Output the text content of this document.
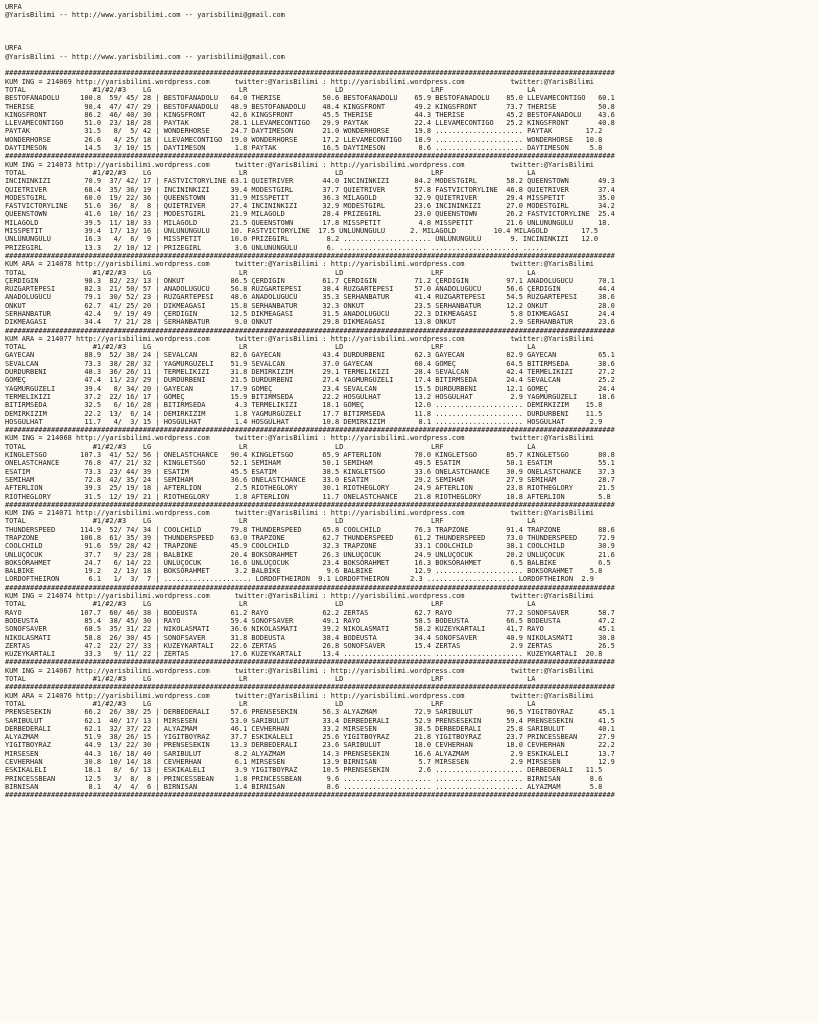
URFA
@YarisBilimi -- http://www.yarisbilimi.com -- yarisbilimi@gmail.com

URFA
@YarisBilimi -- http://www.yarisbilimi.com -- yarisbilimi@gmail.com

##################################################################################################################################################
KUM ING = 214069 http://yarisbilimi.wordpress.com      twitter:@YarisBilimi : http://yarisbilimi.wordpress.com           twitter:@YarisBilimi
TOTAL                #1/#2/#3    LG                     LR                     LD                     LRF                    LA
BESTOFANADOLU     100.8  59/ 45/ 28 | BESTOFANADOLU   64.0 THERISE          50.6 BESTOFANADOLU    65.9 BESTOFANADOLU    85.0 LLEVAMECONTIGO   60.1
THERISE            90.4  47/ 47/ 29 | BESTOFANADOLU   48.9 BESTOFANADOLU    48.4 KINGSFRONT       49.2 KINGSFRONT       73.7 THERISE          50.8
KINGSFRONT         86.2  46/ 40/ 30 | KINGSFRONT      42.6 KINGSFRONT       45.5 THERISE          44.3 THERISE          45.2 BESTOFANADOLU    43.6
LLEVAMECONTIGO     51.0  23/ 18/ 28 | PAYTAK          28.1 LLEVAMECONTIGO   29.9 PAYTAK           22.4 LLEVAMECONTIGO   25.2 KINGSFRONT       40.8
PAYTAK             31.5   8/  5/ 42 | WONDERHORSE     24.7 DAYTIMESON       21.0 WONDERHORSE      19.8 ..................... PAYTAK        17.2
WONDERHORSE        26.6   4/ 25/ 18 | LLEVAMECONTIGO  19.0 WONDERHORSE      17.2 LLEVAMECONTIGO   18.9 ..................... WONDERHORSE   10.8
DAYTIMESON         14.5   3/ 10/ 15 | DAYTIMESON       1.8 PAYTAK           16.5 DAYTIMESON        8.6 ..................... DAYTIMESON     5.8
##################################################################################################################################################
KUM ING = 214073 http://yarisbilimi.wordpress.com      twitter:@YarisBilimi : http://yarisbilimi.wordpress.com           twitter:@YarisBilimi
TOTAL                #1/#2/#3    LG                     LR                     LD                     LRF                    LA
INCININKIZI        70.9  37/ 42/ 17 | FASTVICTORYLINE 63.1 QUIETRIVER       44.0 INCININKIZI      84.2 MODESTGIRL       58.2 QUEENSTOWN       49.3
QUIETRIVER         68.4  35/ 36/ 19 | INCININKIZI     39.4 MODESTGIRL       37.7 QUIETRIVER       57.8 FASTVICTORYLINE  46.8 QUIETRIVER       37.4
MODESTGIRL         60.0  19/ 22/ 36 | QUEENSTOWN      31.9 MISSPETIT        36.3 MILAGOLD         32.9 QUIETRIVER       29.4 MISSPETIT        35.0
FASTVICTORYLINE    51.6  36/  8/  8 | QUIETRIVER      27.4 INCININKIZI      32.9 MODESTGIRL       23.6 INCININKIZI      27.0 MODESTGIRL       34.2
QUEENSTOWN         41.6  10/ 16/ 23 | MODESTGIRL      21.9 MILAGOLD         28.4 PRIZEGIRL        23.0 QUEENSTOWN       26.2 FASTVICTORYLINE  25.4
MILAGOLD           39.5  11/ 18/ 33 | MILAGOLD        21.5 QUEENSTOWN       17.8 MISSPETIT         4.8 MISSPETIT        21.6 ÜNLÜNÜNGÜLÜ      18.
MISSPETIT          39.4  17/ 13/ 16 | ÜNLÜNÜNGÜLÜ     10. FASTVICTORYLINE  17.5 ÜNLÜNÜNGÜLÜ      2. MILAGOLD         10.4 MILAGOLD        17.5
ÜNLÜNÜNGÜLÜ        16.3   4/  6/  9 | MISSPETIT       10.0 PRIZEGIRL         8.2 ..................... ÜNLÜNÜNGÜLÜ       9. INCININKIZI   12.0
PRIZEGIRL          13.3   2/ 10/ 12 | PRIZEGIRL        3.6 ÜNLÜNÜNGÜLÜ       6. ..................... ..................... ......
##################################################################################################################################################
KUM ARA = 214078 http://yarisbilimi.wordpress.com      twitter:@YarisBilimi : http://yarisbilimi.wordpress.com           twitter:@YarisBilimi
TOTAL                #1/#2/#3    LG                     LR                     LD                     LRF                    LA
ÇERDIGIN           98.3  82/ 23/ 13 | ONKUT           86.5 ÇERDIGIN         61.7 ÇERDIGIN         71.2 ÇERDIGIN         97.1 ANADOLUGÜCÜ      70.1
RÜZGARTEPESI       82.3  21/ 50/ 57 | ANADOLUGÜCÜ     56.8 RÜZGARTEPESI     38.4 RÜZGARTEPESI     57.0 ANADOLUGÜCÜ      56.6 ÇERDIGIN         44.4
ANADOLUGÜCÜ        79.1  30/ 52/ 23 | RÜZGARTEPESI    48.6 ANADOLUGÜCÜ      35.3 SERHANBATUR      41.4 RÜZGARTEPESI     54.5 RÜZGARTEPESI     38.6
ONKUT              62.7  41/ 25/ 20 | DIKMEAGASI      15.8 SERHANBATUR      32.3 ONKUT            23.5 SERHANBATUR      12.2 ONKUT            28.0
SERHANBATUR        42.4   9/ 19/ 49 | ÇERDIGIN        12.5 DIKMEAGASI       31.5 ANADOLUGÜCÜ      22.3 DIKMEAGASI        5.8 DIKMEAGASI       24.4
DIKMEAGASI         34.4   7/ 21/ 28 | SERHANBATUR      9.0 ONKUT            29.8 DIKMEAGASI       13.8 ONKUT             2.9 SERHANBATUR      23.6
##################################################################################################################################################
KUM ARA = 214077 http://yarisbilimi.wordpress.com      twitter:@YarisBilimi : http://yarisbilimi.wordpress.com           twitter:@YarisBilimi
TOTAL                #1/#2/#3    LG                     LR                     LD                     LRF                    LA
GAYECAN            88.9  52/ 38/ 24 | SEVALCAN        82.6 GAYECAN          43.4 DURDURBENI       62.3 GAYECAN          82.9 GAYECAN          65.1
SEVALCAN           73.3  38/ 28/ 32 | YAGMURGÜZELI    51.9 SEVALCAN         37.0 GAYECAN          60.4 GÖMEÇ            64.5 BITIRMSEDA       38.6
DURDURBENI         48.3  36/ 26/ 11 | TERMELIKIZI     31.8 DEMIRKIZIM       29.1 TERMELIKIZI      28.4 SEVALCAN         42.4 TERMELIKIZI      27.2
GÖMEÇ              47.4  11/ 23/ 29 | DURDURBENI      21.5 DURDURBENI       27.4 YAGMURGÜZELI     17.4 BITIRMSEDA       24.4 SEVALCAN         25.2
YAGMURGÜZELI       39.4   8/ 34/ 20 | GAYECAN         17.9 GÖMEÇ            23.4 SEVALCAN         15.5 DURDURBENI       12.1 GÖMEÇ            24.4
TERMELIKIZI        37.2  22/ 16/ 17 | GÖMEÇ           15.9 BITIRMSEDA       22.2 HOSGÜLHAT        13.2 HOSGÜLHAT         2.9 YAGMURGÜZELI     18.6
BITIRMSEDA         32.5   6/ 16/ 28 | BITIRMSEDA       4.3 TERMELIKIZI      18.1 GÖMEÇ            12.0 ..................... DEMIRKIZIM    15.8
DEMIRKIZIM         22.2  13/  6/ 14 | DEMIRKIZIM       1.8 YAGMURGÜZELI     17.7 BITIRMSEDA       11.8 ..................... DURDURBENI    11.5
HOSGÜLHAT          11.7   4/  3/ 15 | HOSGÜLHAT        1.4 HOSGÜLHAT        10.8 DEMIRKIZIM        8.1 ..................... HOSGÜLHAT      2.9
##################################################################################################################################################
KUM ING = 214068 http://yarisbilimi.wordpress.com      twitter:@YarisBilimi : http://yarisbilimi.wordpress.com           twitter:@YarisBilimi
TOTAL                #1/#2/#3    LG                     LR                     LD                     LRF                    LA
KINGLETSGO        107.3  41/ 52/ 56 | ONELASTCHANCE   90.4 KINGLETSGO       65.9 AFTERLION        70.0 KINGLETSGO       85.7 KINGLETSGO       80.8
ONELASTCHANCE      76.8  47/ 21/ 32 | KINGLETSGO      52.1 SEMIHAM          50.1 SEMIHAM          49.5 ESATIM           50.1 ESATIM           55.1
ESATIM             73.3  23/ 44/ 39 | ESATIM          45.5 ESATIM           38.5 KINGLETSGO       33.6 ONELASTCHANCE    30.9 ONELASTCHANCE    37.3
SEMIHAM            72.8  42/ 35/ 24 | SEMIHAM         36.6 ONELASTCHANCE    33.0 ESATIM           29.2 SEMIHAM          27.9 SEMIHAM          28.7
AFTERLION          39.3  25/ 19/ 18 | AFTERLION        2.5 RIOTHEGLORY      30.1 RIOTHEGLORY      24.9 AFTERLION        23.8 RIOTHEGLORY      21.5
RIOTHEGLORY        31.5  12/ 19/ 21 | RIOTHEGLORY      1.8 AFTERLION        11.7 ONELASTCHANCE    21.8 RIOTHEGLORY      10.8 AFTERLION        5.8
##################################################################################################################################################
KUM ING = 214071 http://yarisbilimi.wordpress.com      twitter:@YarisBilimi : http://yarisbilimi.wordpress.com           twitter:@YarisBilimi
TOTAL                #1/#2/#3    LG                     LR                     LD                     LRF                    LA
THUNDERSPEED      114.9  52/ 74/ 34 | COOLCHILD       79.8 THUNDERSPEED     65.8 COOLCHILD        76.3 TRAPZONE         91.4 TRAPZONE         88.6
TRAPZONE          106.8  61/ 35/ 39 | THUNDERSPEED    63.0 TRAPZONE         62.7 THUNDERSPEED     61.2 THUNDERSPEED     73.0 THUNDERSPEED     72.9
COOLCHILD          91.6  59/ 28/ 42 | TRAPZONE        45.9 COOLCHILD        32.3 TRAPZONE         33.1 COOLCHILD        38.1 COOLCHILD        30.9
ÜNLÜÇOCUK          37.7   9/ 23/ 28 | BALBIKE         20.4 BOKSÖRAHMET      26.3 ÜNLÜÇOCUK        24.9 ÜNLÜÇOCUK        20.2 ÜNLÜÇOCUK        21.6
BOKSÖRAHMET        24.7   6/ 14/ 22 | ÜNLÜÇOCUK       16.6 ÜNLÜÇOCUK        23.4 BOKSÖRAHMET      16.3 BOKSÖRAHMET       6.5 BALBIKE          6.5
BALBIKE            19.2   2/ 13/ 18 | BOKSÖRAHMET      3.2 BALBIKE           9.6 BALBIKE          12.9 ..................... BOKSÖRAHMET    5.8
LORDOFTHEIRON       6.1   1/  3/  7 | ..................... LORDOFTHEIRON  9.1 LORDOFTHEIRON     2.3 ..................... LORDOFTHEIRON  2.9
##################################################################################################################################################
KUM ING = 214074 http://yarisbilimi.wordpress.com      twitter:@YarisBilimi : http://yarisbilimi.wordpress.com           twitter:@YarisBilimi
TOTAL                #1/#2/#3    LG                     LR                     LD                     LRF                    LA
RAYO              107.7  60/ 46/ 38 | BODEUSTA        61.2 RAYO             62.2 ZERTAS           62.7 RAYO             77.2 SONOFSAVER       58.7
BODEUSTA           85.4  38/ 45/ 30 | RAYO            59.4 SONOFSAVER       49.1 RAYO             58.5 BODEUSTA         66.5 BODEUSTA         47.2
SONOFSAVER         68.5  35/ 31/ 22 | NIKOLASMATI     36.6 NIKOLASMATI      39.2 NIKOLASMATI      58.2 KUZEYKARTALI     41.7 RAYO             45.1
NIKOLASMATI        58.8  26/ 30/ 45 | SONOFSAVER      31.8 BODEUSTA         38.4 BODEUSTA         34.4 SONOFSAVER       40.9 NIKOLASMATI      30.8
ZERTAS             47.2  22/ 27/ 33 | KUZEYKARTALI    22.6 ZERTAS           26.8 SONOFSAVER       15.4 ZERTAS            2.9 ZERTAS           26.5
KUZEYKARTALI       33.3   9/ 11/ 22 | ZERTAS          17.6 KUZEYKARTALI     13.4 ..................... ..................... KUZEYKARTALI  20.8
##################################################################################################################################################
KUM ING = 214067 http://yarisbilimi.wordpress.com      twitter:@YarisBilimi : http://yarisbilimi.wordpress.com           twitter:@YarisBilimi
TOTAL                #1/#2/#3    LG                     LR                     LD                     LRF                    LA
##################################################################################################################################################
KUM ARA = 214076 http://yarisbilimi.wordpress.com      twitter:@YarisBilimi : http://yarisbilimi.wordpress.com           twitter:@YarisBilimi
TOTAL                #1/#2/#3    LG                     LR                     LD                     LRF                    LA
PRENSESEKIN        66.2  26/ 38/ 25 | DERBEDERALI     57.6 PRENSESEKIN      56.3 ALYAZMAM         72.9 SARIBULUT        96.5 YIGITBOYRAZ      45.1
SARIBULUT          62.1  40/ 17/ 13 | MIRSESEN        53.0 SARIBULUT        33.4 DERBEDERALI      52.9 PRENSESEKIN      59.4 PRENSESEKIN      41.5
DERBEDERALI        62.1  32/ 37/ 22 | ALYAZMAM        46.1 CEVHERHAN        33.2 MIRSESEN         38.5 DERBEDERALI      25.8 SARIBULUT        40.1
ALYAZMAM           51.9  38/ 26/ 15 | YIGITBOYRAZ     37.7 ESKIKALELI       25.6 YIGITBOYRAZ      21.8 YIGITBOYRAZ      23.7 PRINCESSBEAN     27.9
YIGITBOYRAZ        44.9  13/ 22/ 30 | PRENSESEKIN     13.3 DERBEDERALI      23.6 SARIBULUT        18.0 CEVHERHAN        18.0 CEVHERHAN        22.2
MIRSESEN           44.3  16/ 18/ 40 | SARIBULUT        8.2 ALYAZMAM         14.3 PRENSESEKIN      16.6 ALYAZMAM          2.9 ESKIKALELI       13.7
CEVHERHAN          30.8  10/ 14/ 18 | CEVHERHAN        6.1 MIRSESEN         13.9 BIRNISAN          5.7 MIRSESEN          2.9 MIRSESEN         12.9
ESKIKALELI         18.1   8/  6/ 13 | ESKIKALELI       3.9 YIGITBOYRAZ      10.5 PRENSESEKIN       2.6 ..................... DERBEDERALI   11.5
PRINCESSBEAN       12.5   3/  8/  8 | PRINCESSBEAN     1.8 PRINCESSBEAN      9.6 ..................... ..................... BIRNISAN       8.6
BIRNISAN            8.1   4/  4/  6 | BIRNISAN         1.4 BIRNISAN          8.6 ..................... ..................... ALYAZMAM       5.8
##################################################################################################################################################
